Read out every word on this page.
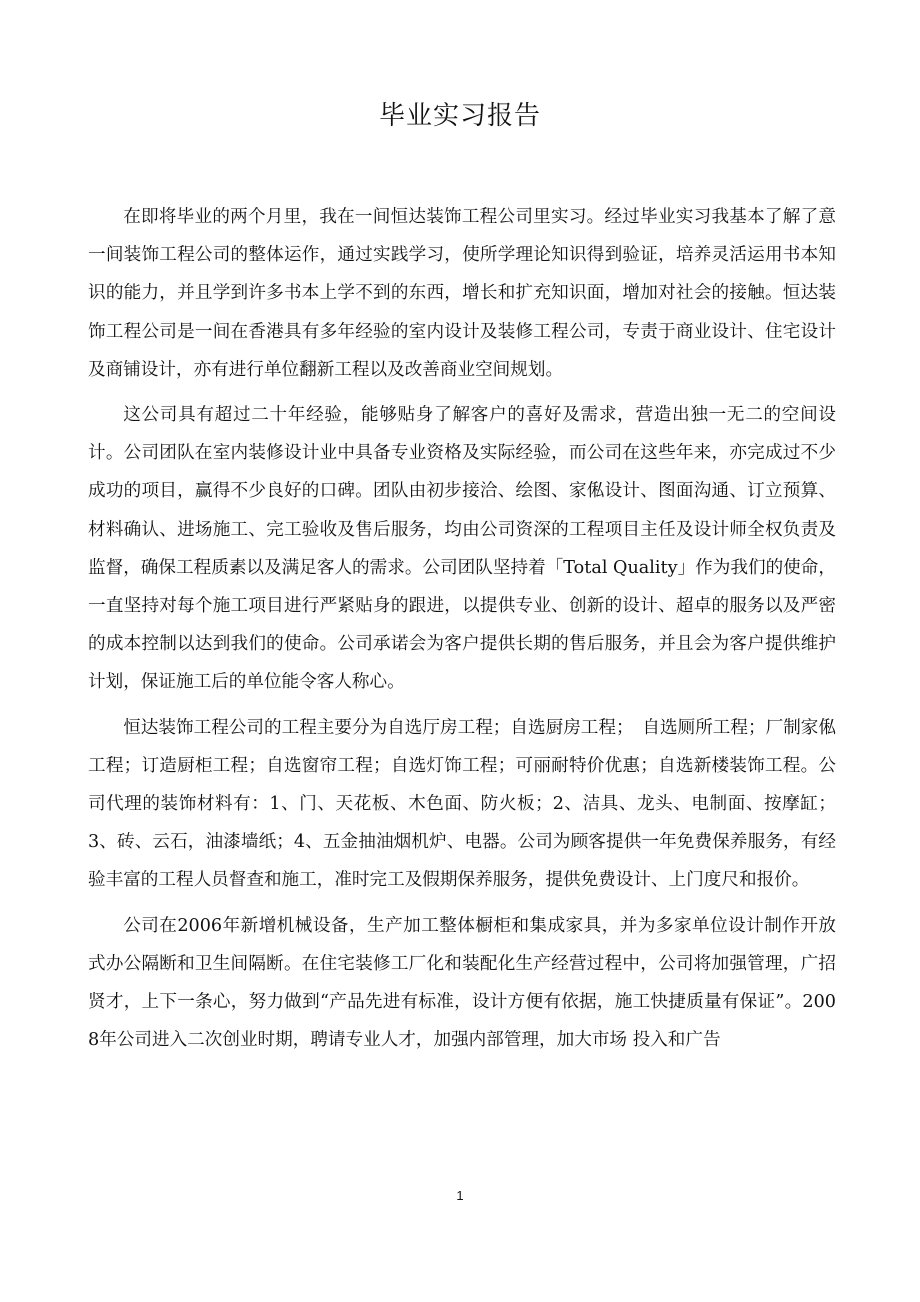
毕业实习报告

在即将毕业的两个月里，我在一间恒达装饰工程公司里实习。经过毕业实习我基本了解了意一间装饰工程公司的整体运作，通过实践学习，使所学理论知识得到验证，培养灵活运用书本知识的能力，并且学到许多书本上学不到的东西，增长和扩充知识面，增加对社会的接触。恒达装饰工程公司是一间在香港具有多年经验的室内设计及装修工程公司，专责于商业设计、住宅设计及商铺设计，亦有进行单位翻新工程以及改善商业空间规划。

这公司具有超过二十年经验，能够贴身了解客户的喜好及需求，营造出独一无二的空间设计。公司团队在室内装修设计业中具备专业资格及实际经验，而公司在这些年来，亦完成过不少成功的项目，赢得不少良好的口碑。团队由初步接洽、绘图、家俬设计、图面沟通、订立预算、材料确认、进场施工、完工验收及售后服务，均由公司资深的工程项目主任及设计师全权负责及监督，确保工程质素以及满足客人的需求。公司团队坚持着「Total Quality」作为我们的使命，一直坚持对每个施工项目进行严紧贴身的跟进，以提供专业、创新的设计、超卓的服务以及严密的成本控制以达到我们的使命。公司承诺会为客户提供长期的售后服务，并且会为客户提供维护计划，保证施工后的单位能令客人称心。

恒达装饰工程公司的工程主要分为自选厅房工程；自选厨房工程；　自选厕所工程；厂制家俬工程；订造厨柜工程；自选窗帘工程；自选灯饰工程；可丽耐特价优惠；自选新楼装饰工程。公司代理的装饰材料有：1、门、天花板、木色面、防火板；2、洁具、龙头、电制面、按摩缸；3、砖、云石，油漆墙纸；4、五金抽油烟机炉、电器。公司为顾客提供一年免费保养服务，有经验丰富的工程人员督查和施工，准时完工及假期保养服务，提供免费设计、上门度尺和报价。

公司在2006年新增机械设备，生产加工整体橱柜和集成家具，并为多家单位设计制作开放式办公隔断和卫生间隔断。在住宅装修工厂化和装配化生产经营过程中，公司将加强管理，广招贤才，上下一条心，努力做到“产品先进有标准，设计方便有依据，施工快捷质量有保证”。2008年公司进入二次创业时期，聘请专业人才，加强内部管理，加大市场 投入和广告

1
